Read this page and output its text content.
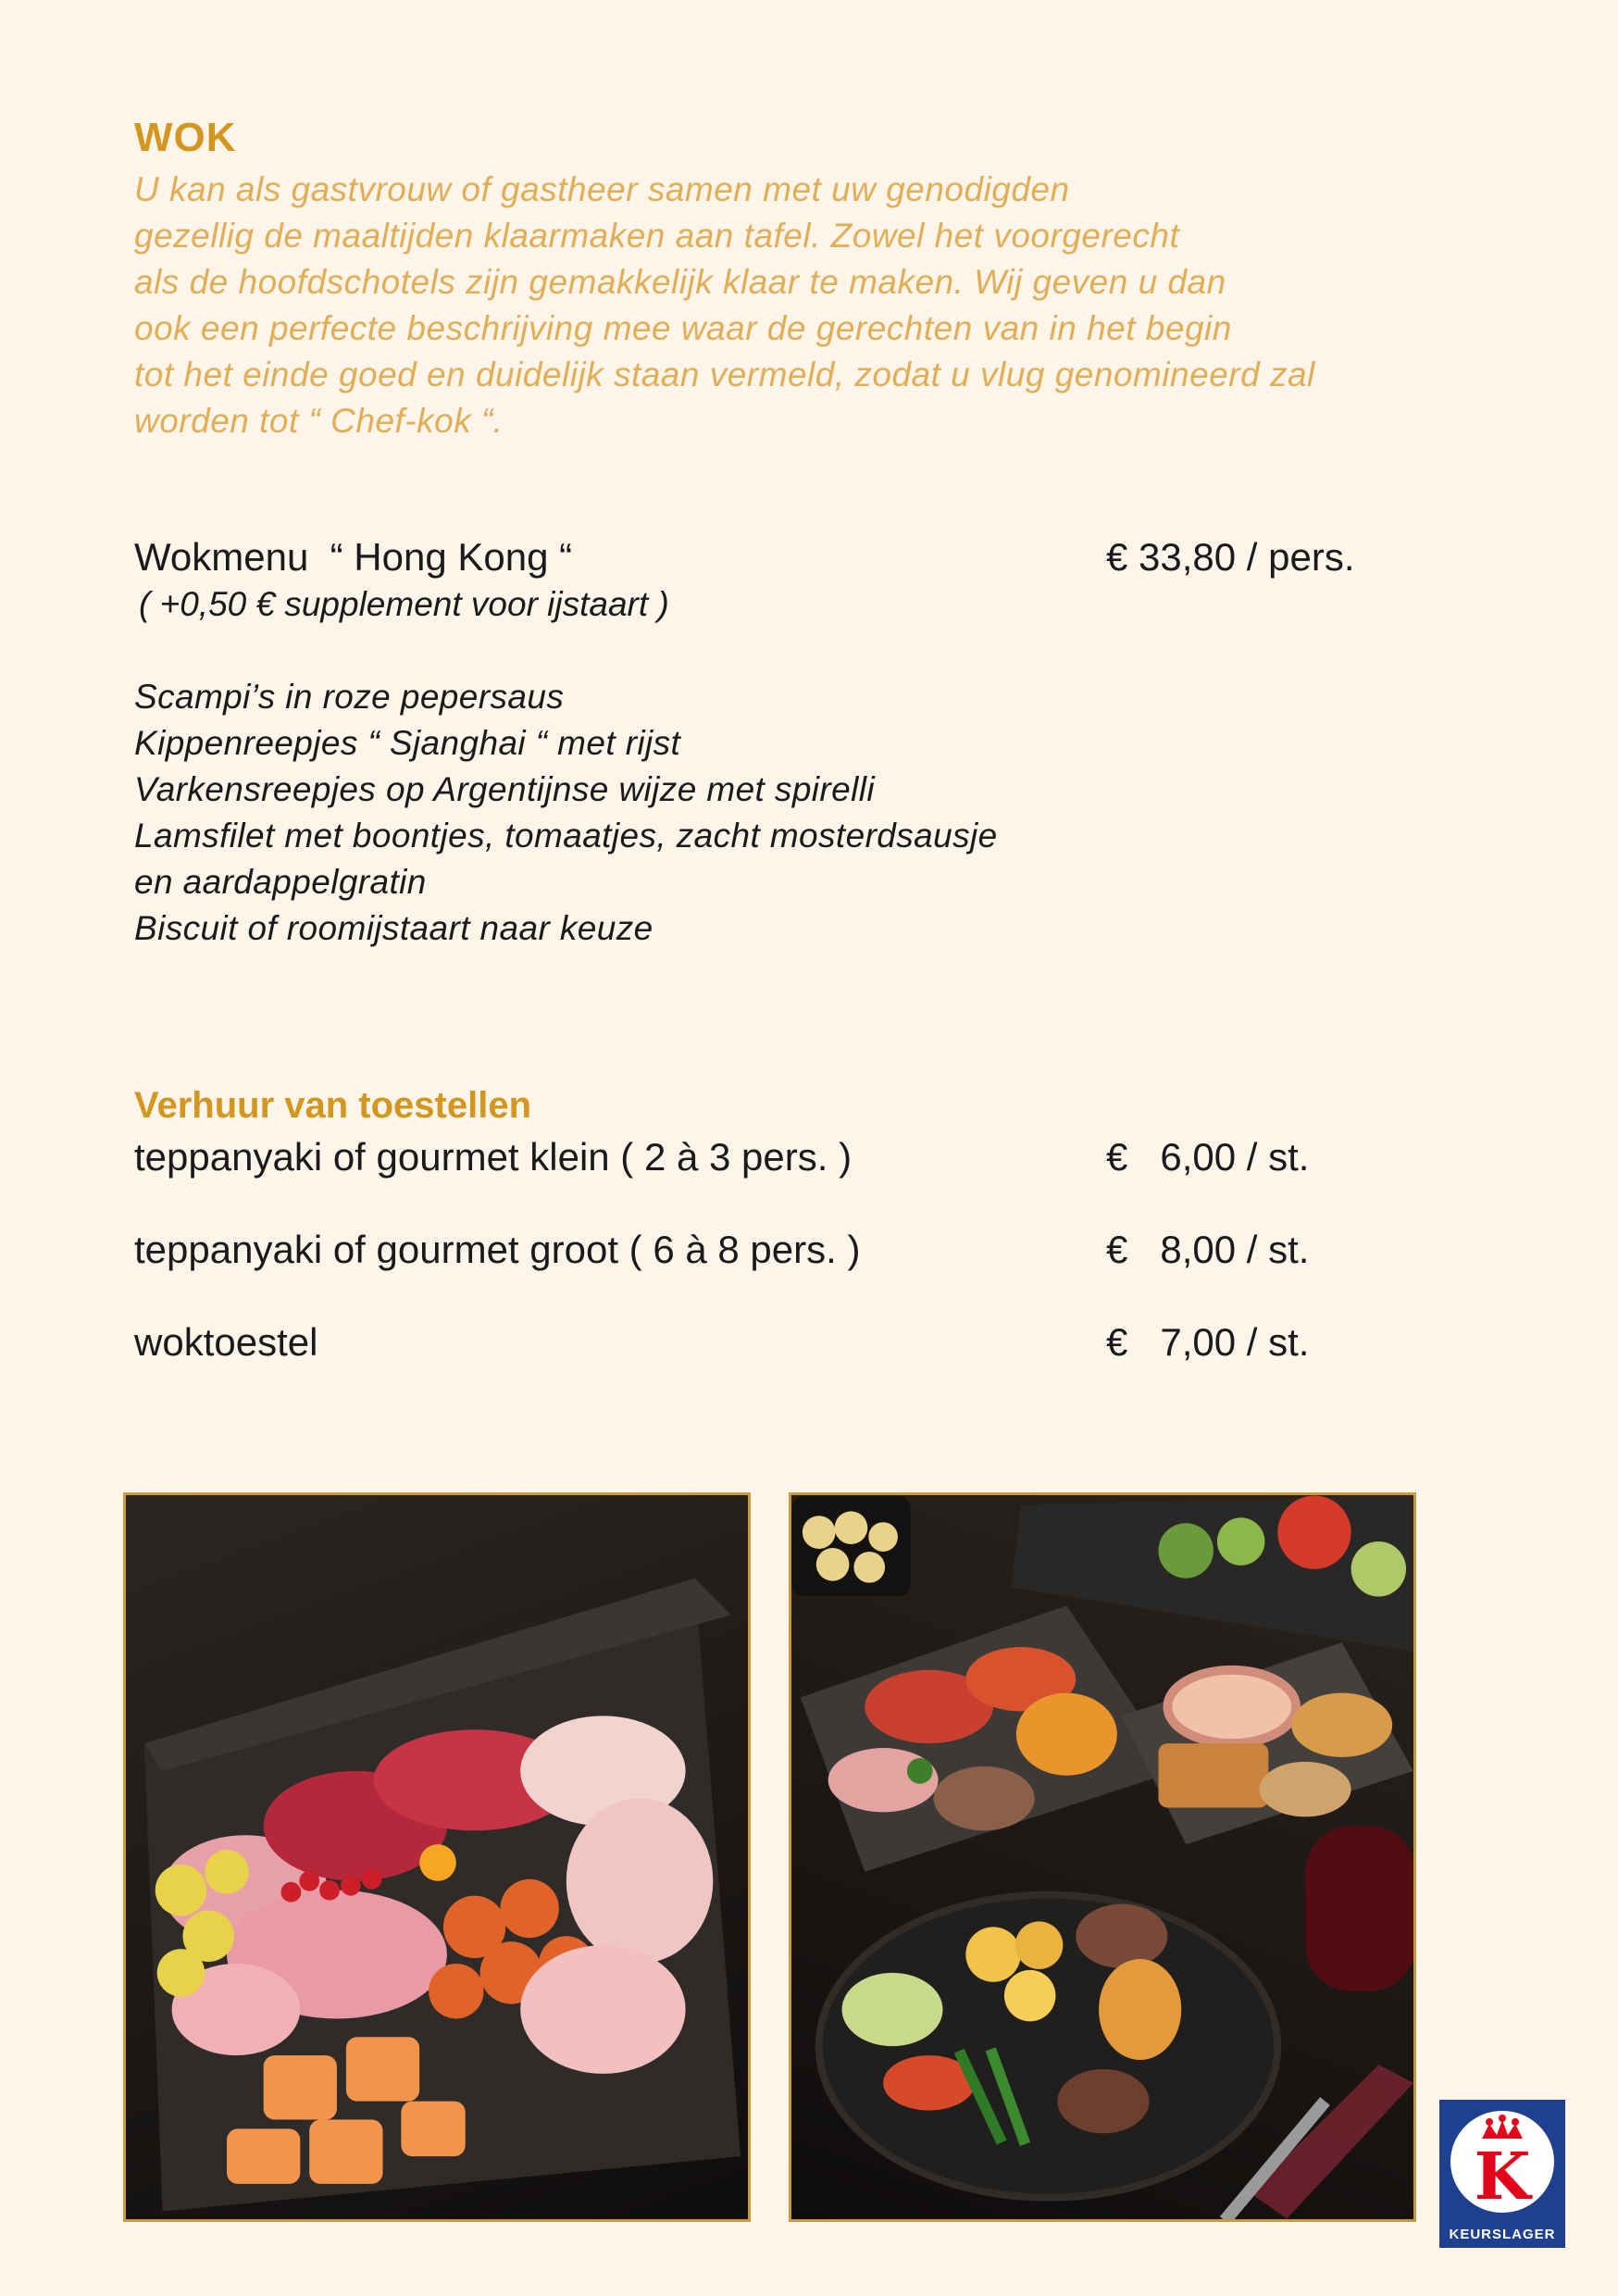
WOK
U kan als gastvrouw of gastheer samen met uw genodigden
gezellig de maaltijden klaarmaken aan tafel. Zowel het voorgerecht
als de hoofdschotels zijn gemakkelijk klaar te maken. Wij geven u dan
ook een perfecte beschrijving mee waar de gerechten van in het begin
tot het einde goed en duidelijk staan vermeld, zodat u vlug genomineerd zal
worden tot “ Chef-kok “.
Wokmenu  “ Hong Kong “	€ 33,80 / pers.
( +0,50 € supplement voor ijstaart )
Scampi’s in roze pepersaus
Kippenreepjes “ Sjanghai “ met rijst
Varkensreepjes op Argentijnse wijze met spirelli
Lamsfilet met boontjes, tomaatjes, zacht mosterdsausje
en aardappelgratin
Biscuit of roomijstaart naar keuze
Verhuur van toestellen
teppanyaki of gourmet klein ( 2 à 3 pers. )	€   6,00 / st.
teppanyaki of gourmet groot ( 6 à 8 pers. )	€   8,00 / st.
woktoestel	€   7,00 / st.
K
KEURSLAGER
